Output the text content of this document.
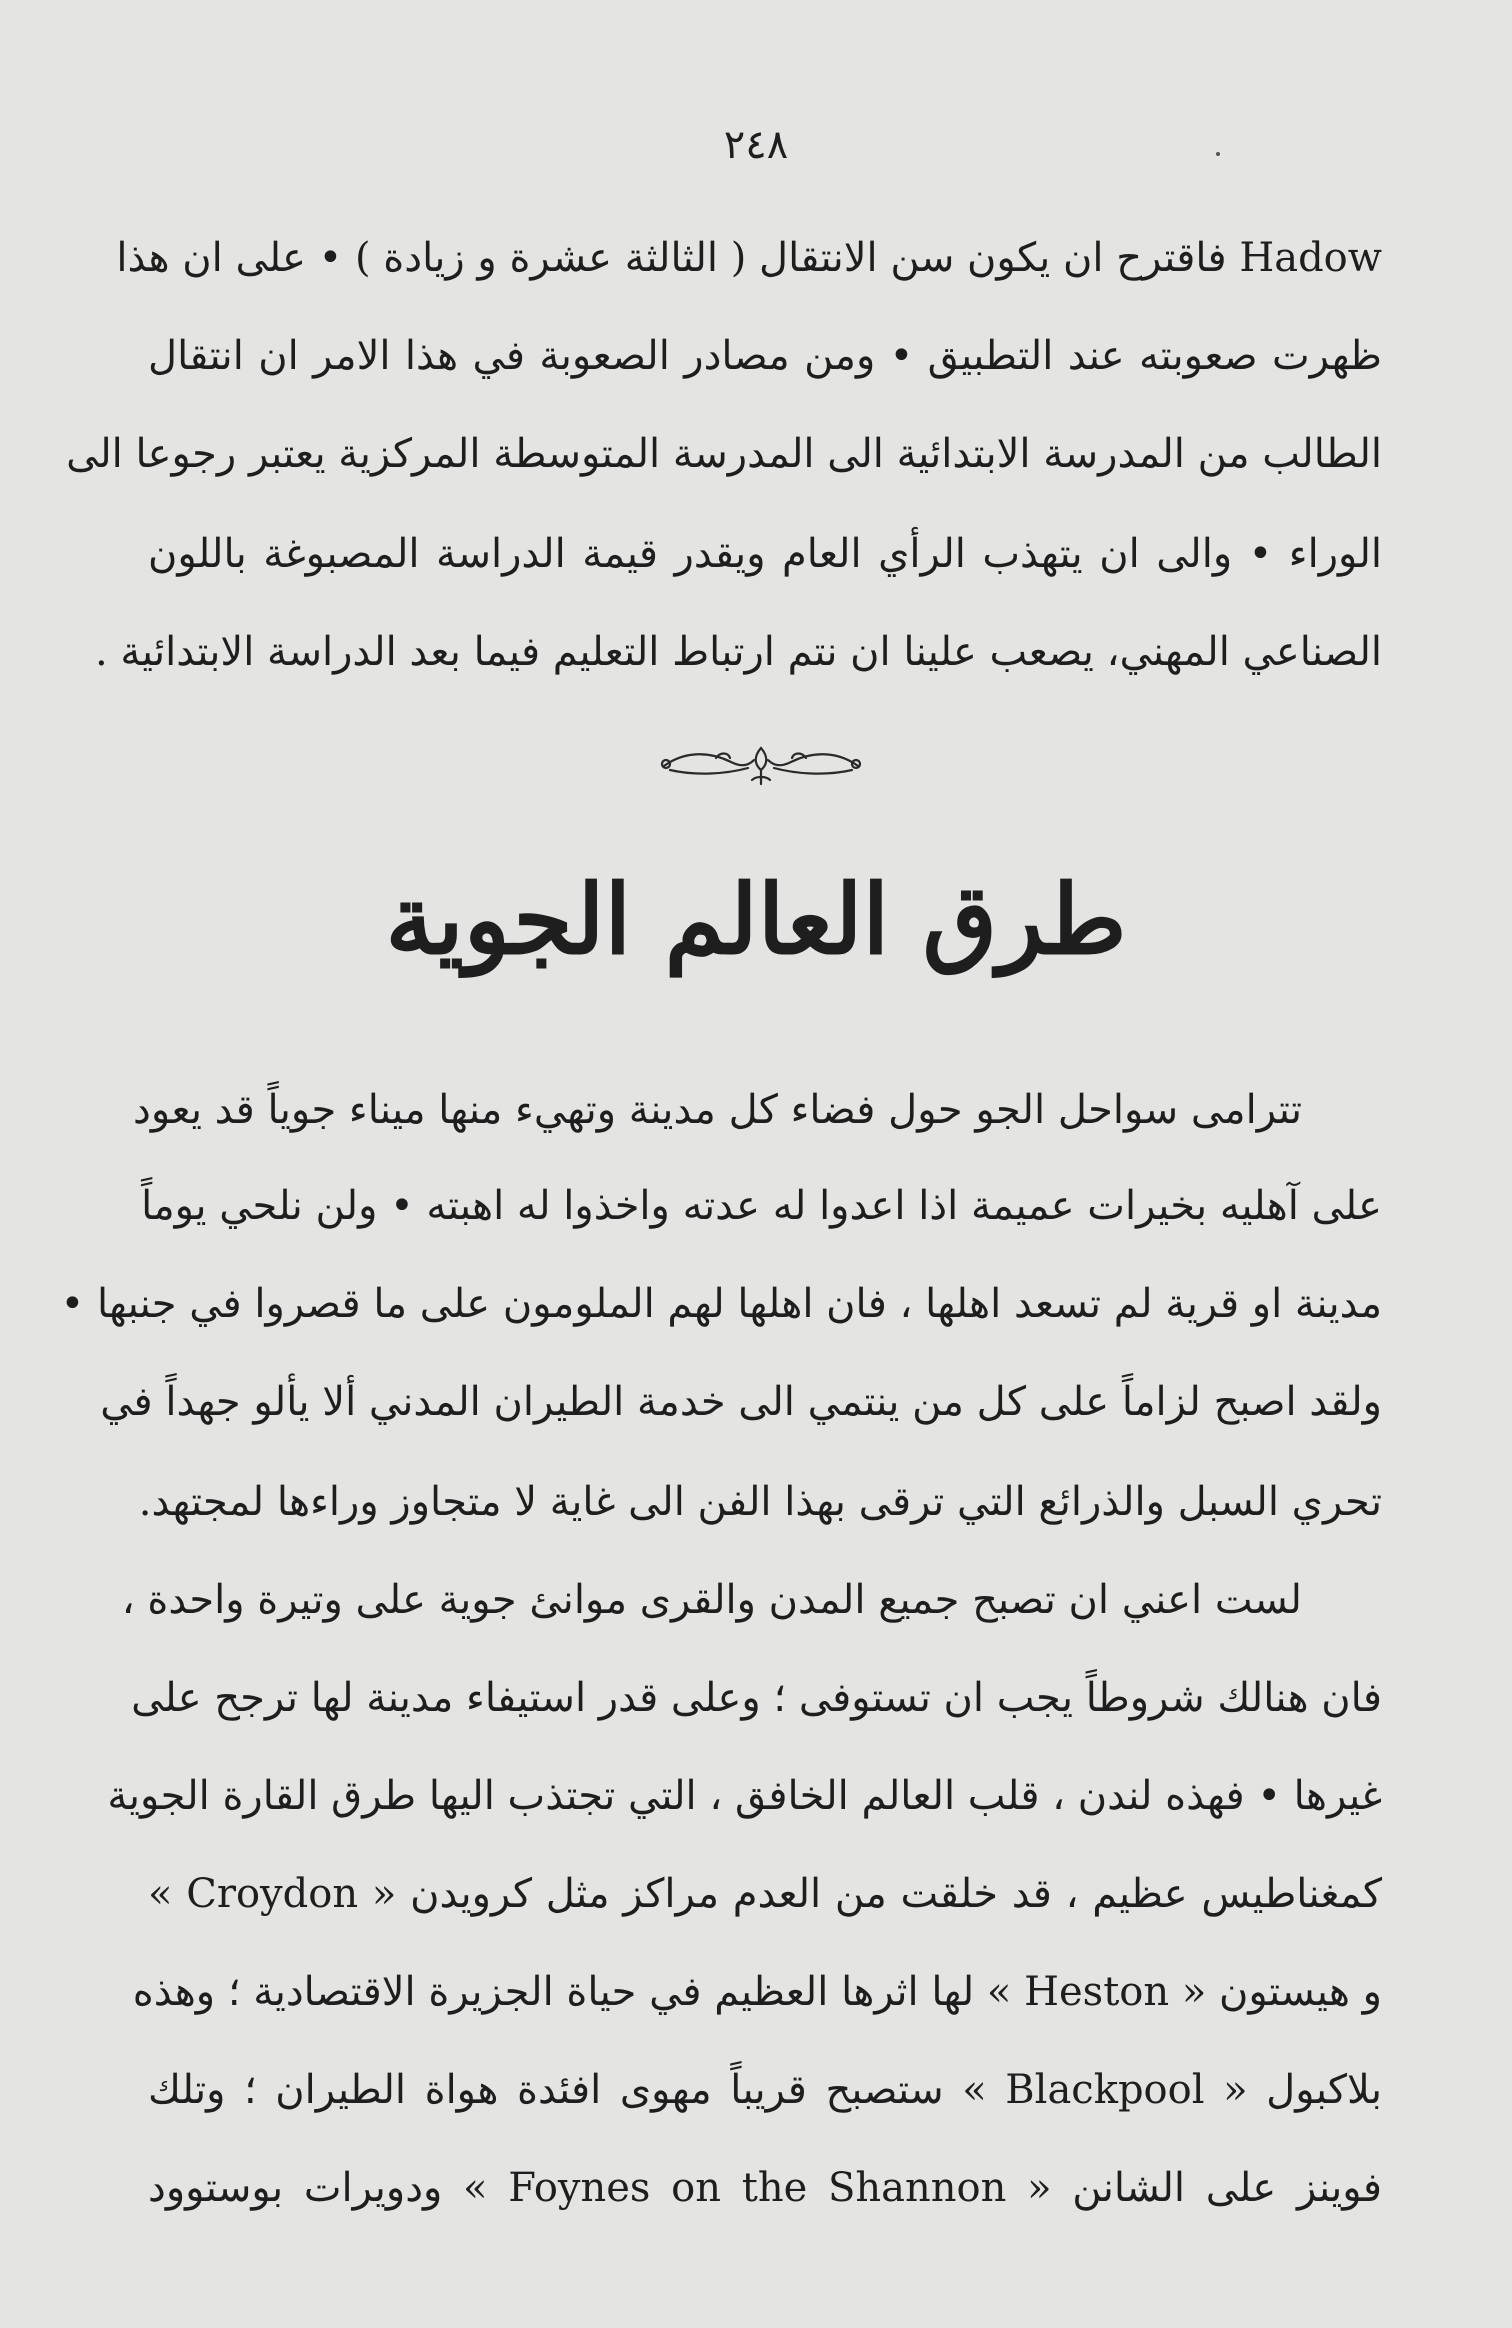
٢٤٨
Hadow فاقترح ان يكون سن الانتقال ( الثالثة عشرة و زيادة ) • على ان هذا
ظهرت صعوبته عند التطبيق • ومن مصادر الصعوبة في هذا الامر ان انتقال
الطالب من المدرسة الابتدائية الى المدرسة المتوسطة المركزية يعتبر رجوعا الى
الوراء • والى ان يتهذب الرأي العام ويقدر قيمة الدراسة المصبوغة باللون
الصناعي المهني، يصعب علينا ان نتم ارتباط التعليم فيما بعد الدراسة الابتدائية .
طرق العالم الجوية
تترامى سواحل الجو حول فضاء كل مدينة وتهيء منها ميناء جوياً قد يعود
على آهليه بخيرات عميمة اذا اعدوا له عدته واخذوا له اهبته • ولن نلحي يوماً
مدينة او قرية لم تسعد اهلها ، فان اهلها لهم الملومون على ما قصروا في جنبها •
ولقد اصبح لزاماً على كل من ينتمي الى خدمة الطيران المدني ألا يألو جهداً في
تحري السبل والذرائع التي ترقى بهذا الفن الى غاية لا متجاوز وراءها لمجتهد.
لست اعني ان تصبح جميع المدن والقرى موانئ جوية على وتيرة واحدة ،
فان هنالك شروطاً يجب ان تستوفى ؛ وعلى قدر استيفاء مدينة لها ترجح على
غيرها • فهذه لندن ، قلب العالم الخافق ، التي تجتذب اليها طرق القارة الجوية
كمغناطيس عظيم ، قد خلقت من العدم مراكز مثل كرويدن « Croydon »
و هيستون « Heston » لها اثرها العظيم في حياة الجزيرة الاقتصادية ؛ وهذه
بلاكبول « Blackpool » ستصبح قريباً مهوى افئدة هواة الطيران ؛ وتلك
فوينز على الشانن « Foynes on the Shannon » ودويرات بوستوود
